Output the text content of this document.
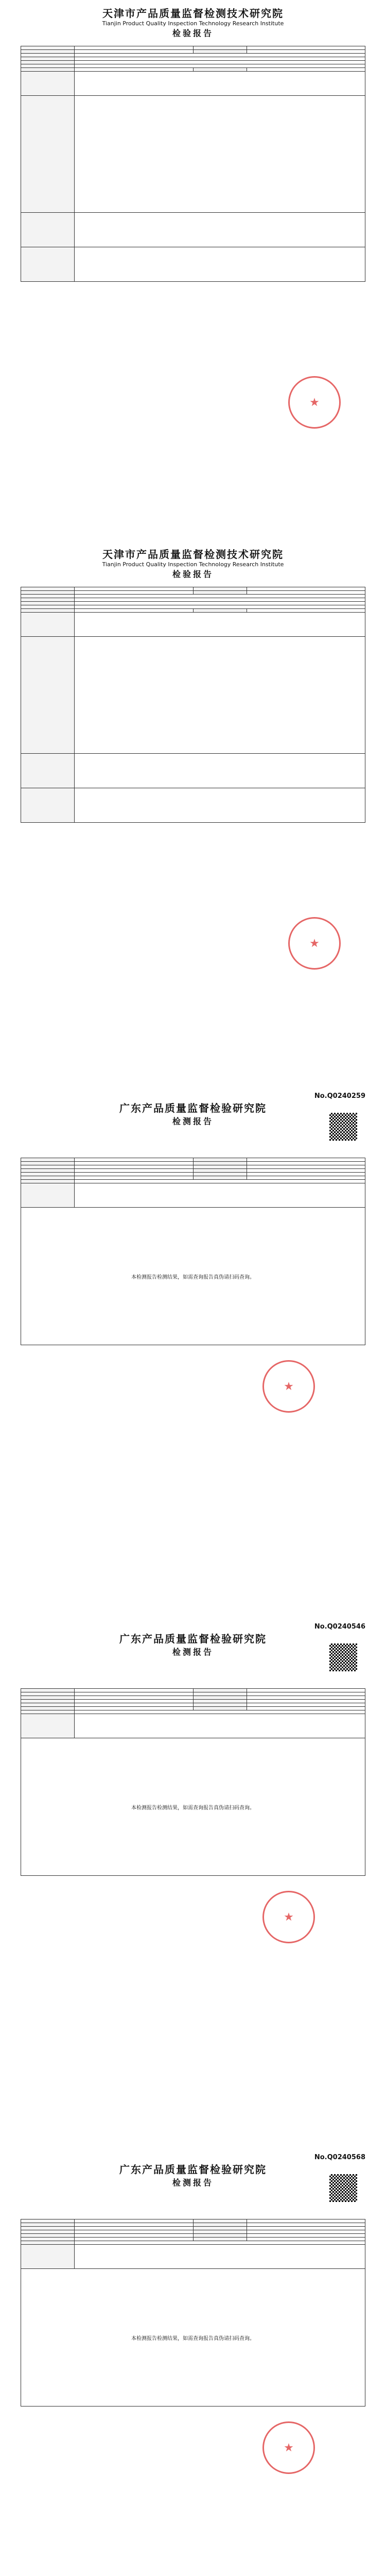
天津市产品质量监督检测技术研究院
Tianjin Product Quality Inspection Technology Research Institute
检验报告

★
天津市产品质量监督检测技术研究院
Tianjin Product Quality Inspection Technology Research Institute
检验报告

★
No.Q0240259
广东产品质量监督检验研究院
检测报告

本检测报告检测结果，如需查询报告真伪请扫码查询。			
★
No.Q0240546
广东产品质量监督检验研究院
检测报告

本检测报告检测结果，如需查询报告真伪请扫码查询。			
★
No.Q0240568
广东产品质量监督检验研究院
检测报告

本检测报告检测结果，如需查询报告真伪请扫码查询。			
★
